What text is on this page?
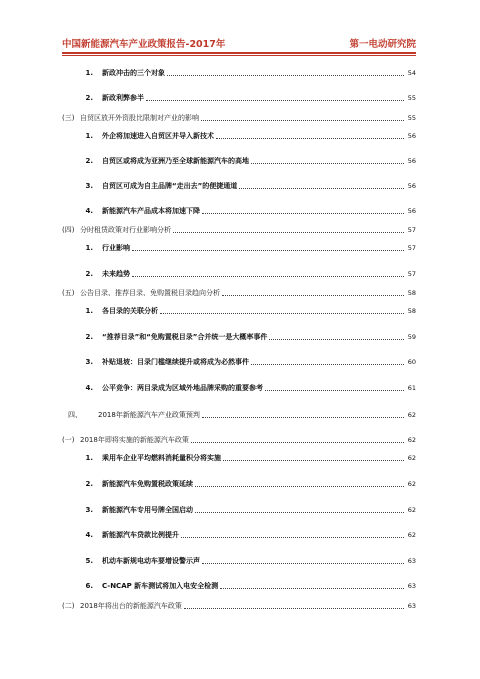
中国新能源汽车产业政策报告-2017年	第一电动研究院
1.	新政冲击的三个对象	54
2.	新政利弊参半	55
(三) 自贸区放开外资股比限制对产业的影响	55
1.	外企将加速进入自贸区并导入新技术	56
2.	自贸区或将成为亚洲乃至全球新能源汽车的高地	56
3.	自贸区可成为自主品牌“走出去”的便捷通道	56
4.	新能源汽车产品成本将加速下降	56
(四) 分时租赁政策对行业影响分析	57
1.	行业影响	57
2.	未来趋势	57
(五) 公告目录、推荐目录、免购置税目录趋向分析	58
1.	各目录的关联分析	58
2.	“推荐目录”和“免购置税目录”合并统一是大概率事件	59
3.	补贴退坡：目录门槛继续提升或将成为必然事件	60
4.	公平竞争：两目录成为区域外地品牌采购的重要参考	61
四、	2018年新能源汽车产业政策预判	62
(一) 2018年即将实施的新能源汽车政策	62
1.	乘用车企业平均燃料消耗量积分将实施	62
2.	新能源汽车免购置税政策延续	62
3.	新能源汽车专用号牌全国启动	62
4.	新能源汽车贷款比例提升	62
5.	机动车新规电动车要增设警示声	63
6.	C-NCAP 新车测试将加入电安全检测	63
(二) 2018年将出台的新能源汽车政策	63
